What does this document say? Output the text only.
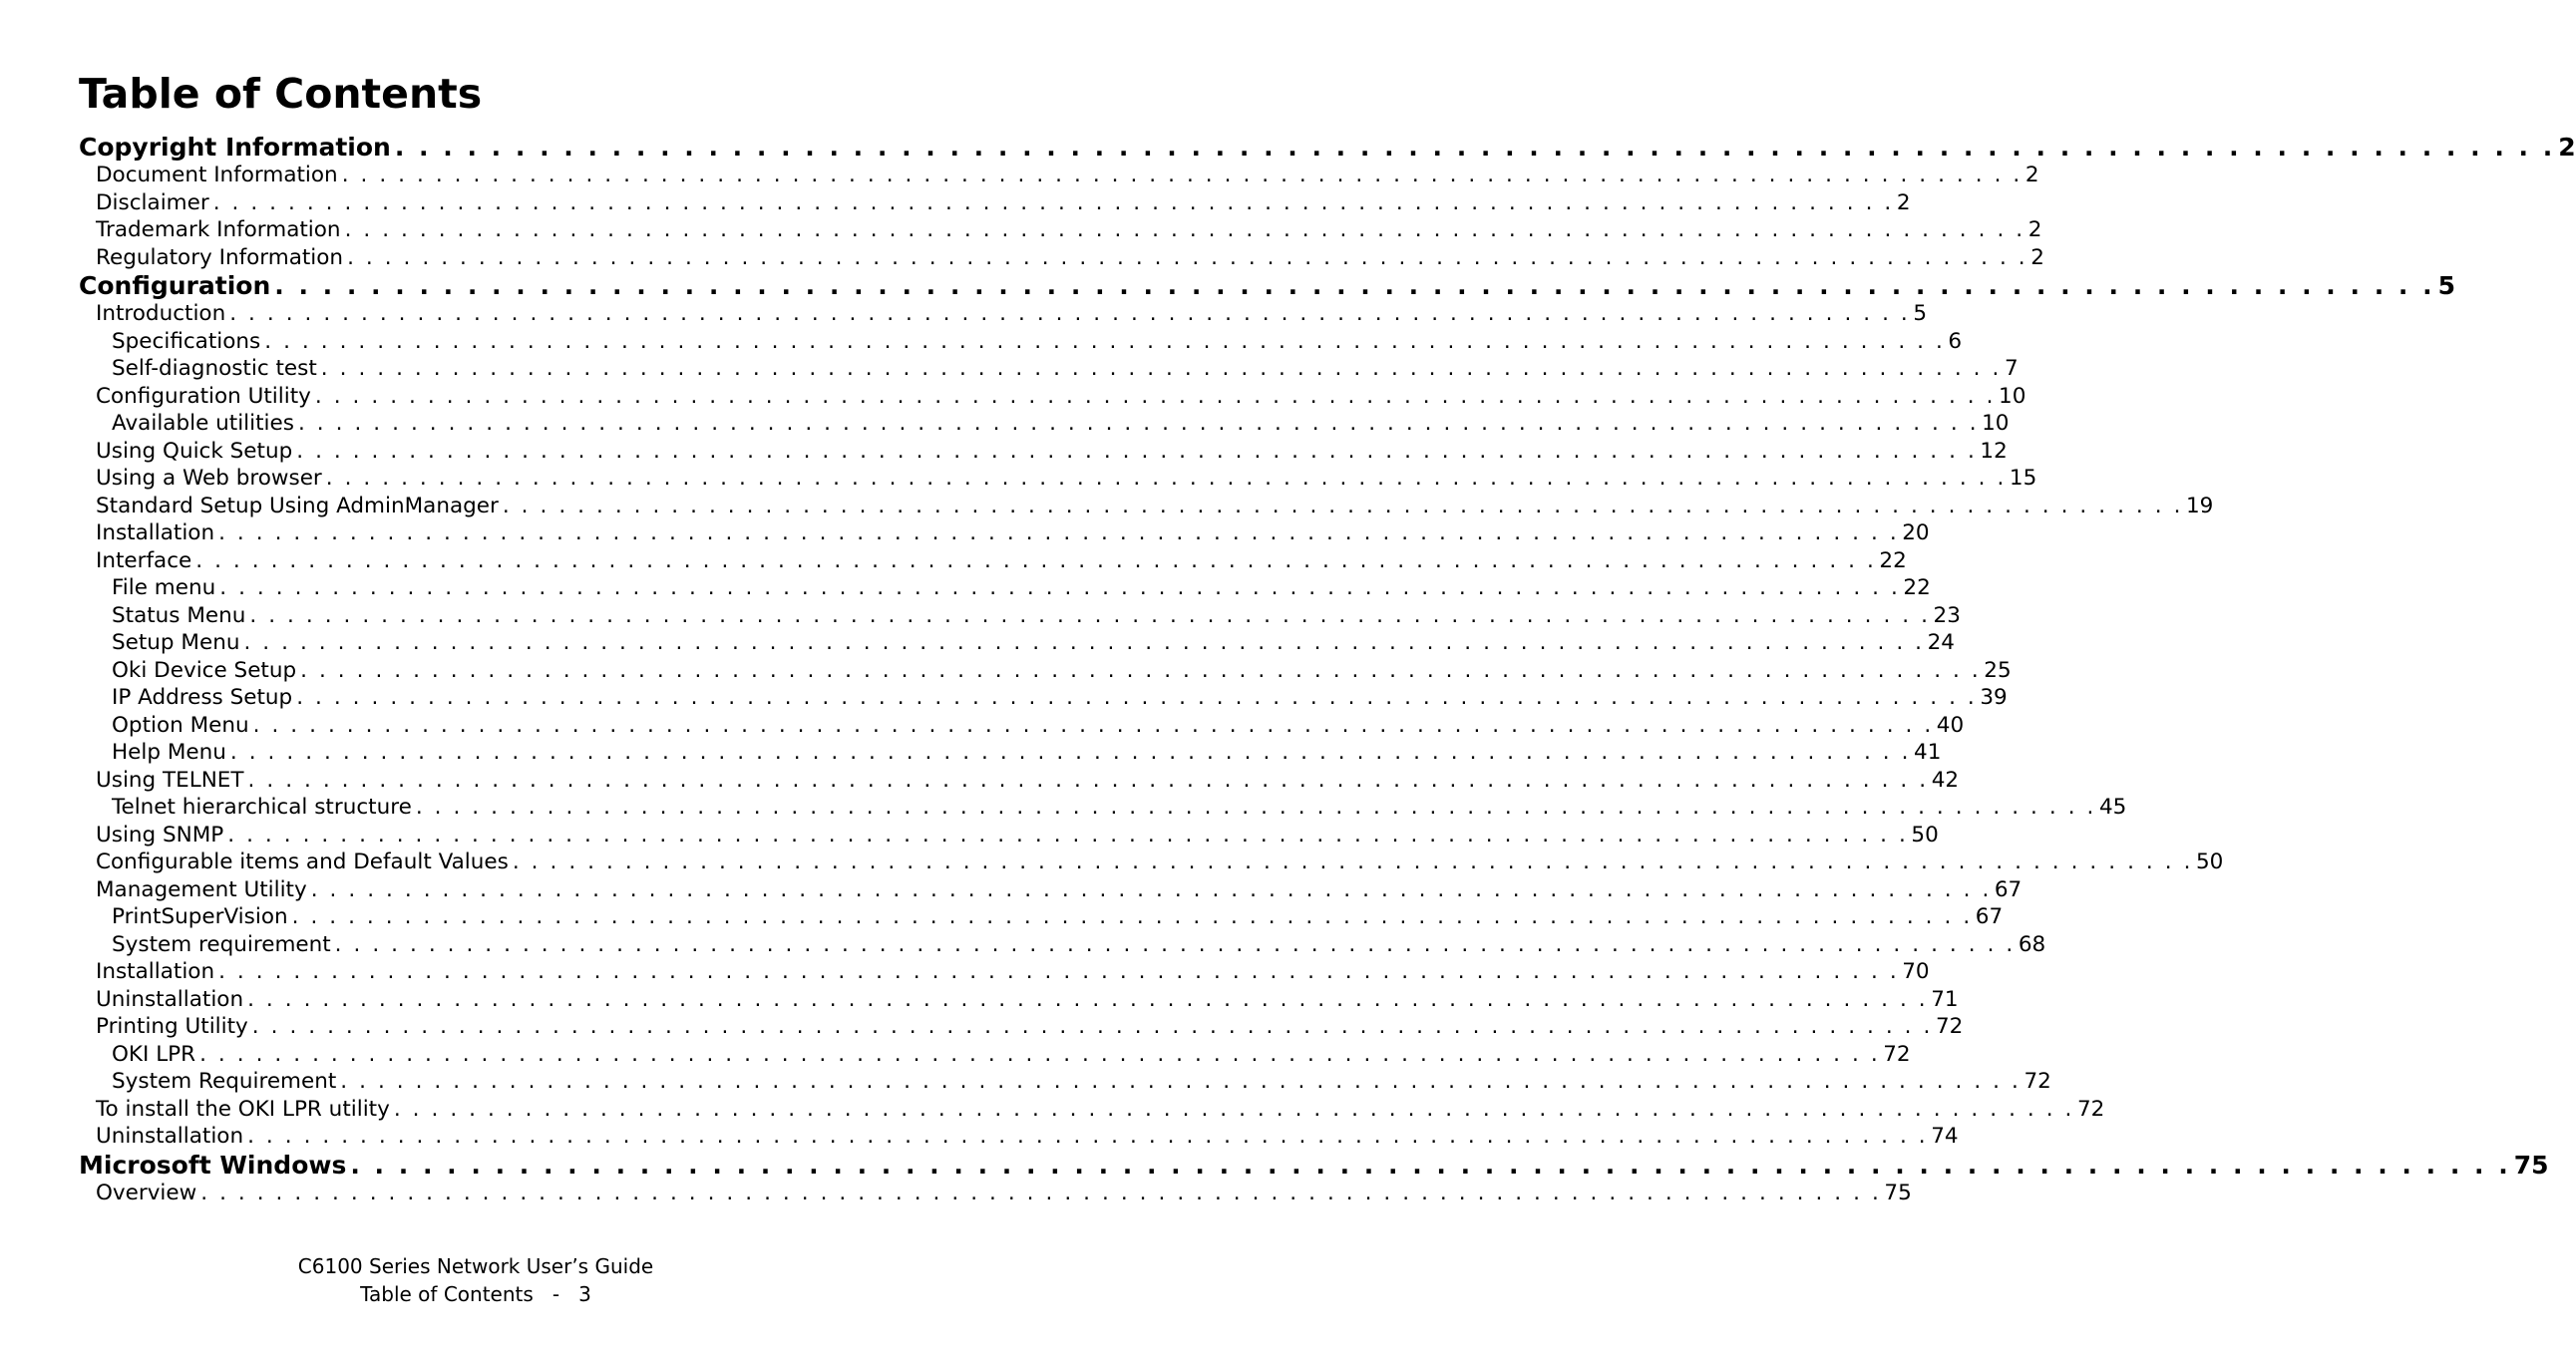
Table of Contents
Copyright Information . . . . . . . . . . . . . . . . . . . . . . . . . . . . . . . . . . . . . . . . . . . . . . . . . . . . . . . . . . . . . . . . . . . . . . . . . . . . . . . . . . . . . . . . . . 2
Document Information . . . . . . . . . . . . . . . . . . . . . . . . . . . . . . . . . . . . . . . . . . . . . . . . . . . . . . . . . . . . . . . . . . . . . . . . . . . . . . . . . . . . . . . . . . 2
Disclaimer . . . . . . . . . . . . . . . . . . . . . . . . . . . . . . . . . . . . . . . . . . . . . . . . . . . . . . . . . . . . . . . . . . . . . . . . . . . . . . . . . . . . . . . . . . 2
Trademark Information . . . . . . . . . . . . . . . . . . . . . . . . . . . . . . . . . . . . . . . . . . . . . . . . . . . . . . . . . . . . . . . . . . . . . . . . . . . . . . . . . . . . . . . . . . 2
Regulatory Information . . . . . . . . . . . . . . . . . . . . . . . . . . . . . . . . . . . . . . . . . . . . . . . . . . . . . . . . . . . . . . . . . . . . . . . . . . . . . . . . . . . . . . . . . . 2
Configuration . . . . . . . . . . . . . . . . . . . . . . . . . . . . . . . . . . . . . . . . . . . . . . . . . . . . . . . . . . . . . . . . . . . . . . . . . . . . . . . . . . . . . . . . . . 5
Introduction . . . . . . . . . . . . . . . . . . . . . . . . . . . . . . . . . . . . . . . . . . . . . . . . . . . . . . . . . . . . . . . . . . . . . . . . . . . . . . . . . . . . . . . . . . 5
Specifications . . . . . . . . . . . . . . . . . . . . . . . . . . . . . . . . . . . . . . . . . . . . . . . . . . . . . . . . . . . . . . . . . . . . . . . . . . . . . . . . . . . . . . . . . . 6
Self-diagnostic test . . . . . . . . . . . . . . . . . . . . . . . . . . . . . . . . . . . . . . . . . . . . . . . . . . . . . . . . . . . . . . . . . . . . . . . . . . . . . . . . . . . . . . . . . . 7
Configuration Utility . . . . . . . . . . . . . . . . . . . . . . . . . . . . . . . . . . . . . . . . . . . . . . . . . . . . . . . . . . . . . . . . . . . . . . . . . . . . . . . . . . . . . . . . . . 10
Available utilities . . . . . . . . . . . . . . . . . . . . . . . . . . . . . . . . . . . . . . . . . . . . . . . . . . . . . . . . . . . . . . . . . . . . . . . . . . . . . . . . . . . . . . . . . . 10
Using Quick Setup . . . . . . . . . . . . . . . . . . . . . . . . . . . . . . . . . . . . . . . . . . . . . . . . . . . . . . . . . . . . . . . . . . . . . . . . . . . . . . . . . . . . . . . . . . 12
Using a Web browser . . . . . . . . . . . . . . . . . . . . . . . . . . . . . . . . . . . . . . . . . . . . . . . . . . . . . . . . . . . . . . . . . . . . . . . . . . . . . . . . . . . . . . . . . . 15
Standard Setup Using AdminManager . . . . . . . . . . . . . . . . . . . . . . . . . . . . . . . . . . . . . . . . . . . . . . . . . . . . . . . . . . . . . . . . . . . . . . . . . . . . . . . . . . . . . . . . . . 19
Installation . . . . . . . . . . . . . . . . . . . . . . . . . . . . . . . . . . . . . . . . . . . . . . . . . . . . . . . . . . . . . . . . . . . . . . . . . . . . . . . . . . . . . . . . . . 20
Interface . . . . . . . . . . . . . . . . . . . . . . . . . . . . . . . . . . . . . . . . . . . . . . . . . . . . . . . . . . . . . . . . . . . . . . . . . . . . . . . . . . . . . . . . . . 22
File menu . . . . . . . . . . . . . . . . . . . . . . . . . . . . . . . . . . . . . . . . . . . . . . . . . . . . . . . . . . . . . . . . . . . . . . . . . . . . . . . . . . . . . . . . . . 22
Status Menu . . . . . . . . . . . . . . . . . . . . . . . . . . . . . . . . . . . . . . . . . . . . . . . . . . . . . . . . . . . . . . . . . . . . . . . . . . . . . . . . . . . . . . . . . . 23
Setup Menu . . . . . . . . . . . . . . . . . . . . . . . . . . . . . . . . . . . . . . . . . . . . . . . . . . . . . . . . . . . . . . . . . . . . . . . . . . . . . . . . . . . . . . . . . . 24
Oki Device Setup . . . . . . . . . . . . . . . . . . . . . . . . . . . . . . . . . . . . . . . . . . . . . . . . . . . . . . . . . . . . . . . . . . . . . . . . . . . . . . . . . . . . . . . . . . 25
IP Address Setup . . . . . . . . . . . . . . . . . . . . . . . . . . . . . . . . . . . . . . . . . . . . . . . . . . . . . . . . . . . . . . . . . . . . . . . . . . . . . . . . . . . . . . . . . . 39
Option Menu . . . . . . . . . . . . . . . . . . . . . . . . . . . . . . . . . . . . . . . . . . . . . . . . . . . . . . . . . . . . . . . . . . . . . . . . . . . . . . . . . . . . . . . . . . 40
Help Menu . . . . . . . . . . . . . . . . . . . . . . . . . . . . . . . . . . . . . . . . . . . . . . . . . . . . . . . . . . . . . . . . . . . . . . . . . . . . . . . . . . . . . . . . . . 41
Using TELNET . . . . . . . . . . . . . . . . . . . . . . . . . . . . . . . . . . . . . . . . . . . . . . . . . . . . . . . . . . . . . . . . . . . . . . . . . . . . . . . . . . . . . . . . . . 42
Telnet hierarchical structure . . . . . . . . . . . . . . . . . . . . . . . . . . . . . . . . . . . . . . . . . . . . . . . . . . . . . . . . . . . . . . . . . . . . . . . . . . . . . . . . . . . . . . . . . . 45
Using SNMP . . . . . . . . . . . . . . . . . . . . . . . . . . . . . . . . . . . . . . . . . . . . . . . . . . . . . . . . . . . . . . . . . . . . . . . . . . . . . . . . . . . . . . . . . . 50
Configurable items and Default Values . . . . . . . . . . . . . . . . . . . . . . . . . . . . . . . . . . . . . . . . . . . . . . . . . . . . . . . . . . . . . . . . . . . . . . . . . . . . . . . . . . . . . . . . . . 50
Management Utility . . . . . . . . . . . . . . . . . . . . . . . . . . . . . . . . . . . . . . . . . . . . . . . . . . . . . . . . . . . . . . . . . . . . . . . . . . . . . . . . . . . . . . . . . . 67
PrintSuperVision . . . . . . . . . . . . . . . . . . . . . . . . . . . . . . . . . . . . . . . . . . . . . . . . . . . . . . . . . . . . . . . . . . . . . . . . . . . . . . . . . . . . . . . . . . 67
System requirement . . . . . . . . . . . . . . . . . . . . . . . . . . . . . . . . . . . . . . . . . . . . . . . . . . . . . . . . . . . . . . . . . . . . . . . . . . . . . . . . . . . . . . . . . . 68
Installation . . . . . . . . . . . . . . . . . . . . . . . . . . . . . . . . . . . . . . . . . . . . . . . . . . . . . . . . . . . . . . . . . . . . . . . . . . . . . . . . . . . . . . . . . . 70
Uninstallation . . . . . . . . . . . . . . . . . . . . . . . . . . . . . . . . . . . . . . . . . . . . . . . . . . . . . . . . . . . . . . . . . . . . . . . . . . . . . . . . . . . . . . . . . . 71
Printing Utility . . . . . . . . . . . . . . . . . . . . . . . . . . . . . . . . . . . . . . . . . . . . . . . . . . . . . . . . . . . . . . . . . . . . . . . . . . . . . . . . . . . . . . . . . . 72
OKI LPR . . . . . . . . . . . . . . . . . . . . . . . . . . . . . . . . . . . . . . . . . . . . . . . . . . . . . . . . . . . . . . . . . . . . . . . . . . . . . . . . . . . . . . . . . . 72
System Requirement . . . . . . . . . . . . . . . . . . . . . . . . . . . . . . . . . . . . . . . . . . . . . . . . . . . . . . . . . . . . . . . . . . . . . . . . . . . . . . . . . . . . . . . . . . 72
To install the OKI LPR utility . . . . . . . . . . . . . . . . . . . . . . . . . . . . . . . . . . . . . . . . . . . . . . . . . . . . . . . . . . . . . . . . . . . . . . . . . . . . . . . . . . . . . . . . . . 72
Uninstallation . . . . . . . . . . . . . . . . . . . . . . . . . . . . . . . . . . . . . . . . . . . . . . . . . . . . . . . . . . . . . . . . . . . . . . . . . . . . . . . . . . . . . . . . . . 74
Microsoft Windows . . . . . . . . . . . . . . . . . . . . . . . . . . . . . . . . . . . . . . . . . . . . . . . . . . . . . . . . . . . . . . . . . . . . . . . . . . . . . . . . . . . . . . . . . . 75
Overview . . . . . . . . . . . . . . . . . . . . . . . . . . . . . . . . . . . . . . . . . . . . . . . . . . . . . . . . . . . . . . . . . . . . . . . . . . . . . . . . . . . . . . . . . . 75
C6100 Series Network User’s Guide
Table of Contents - 3
